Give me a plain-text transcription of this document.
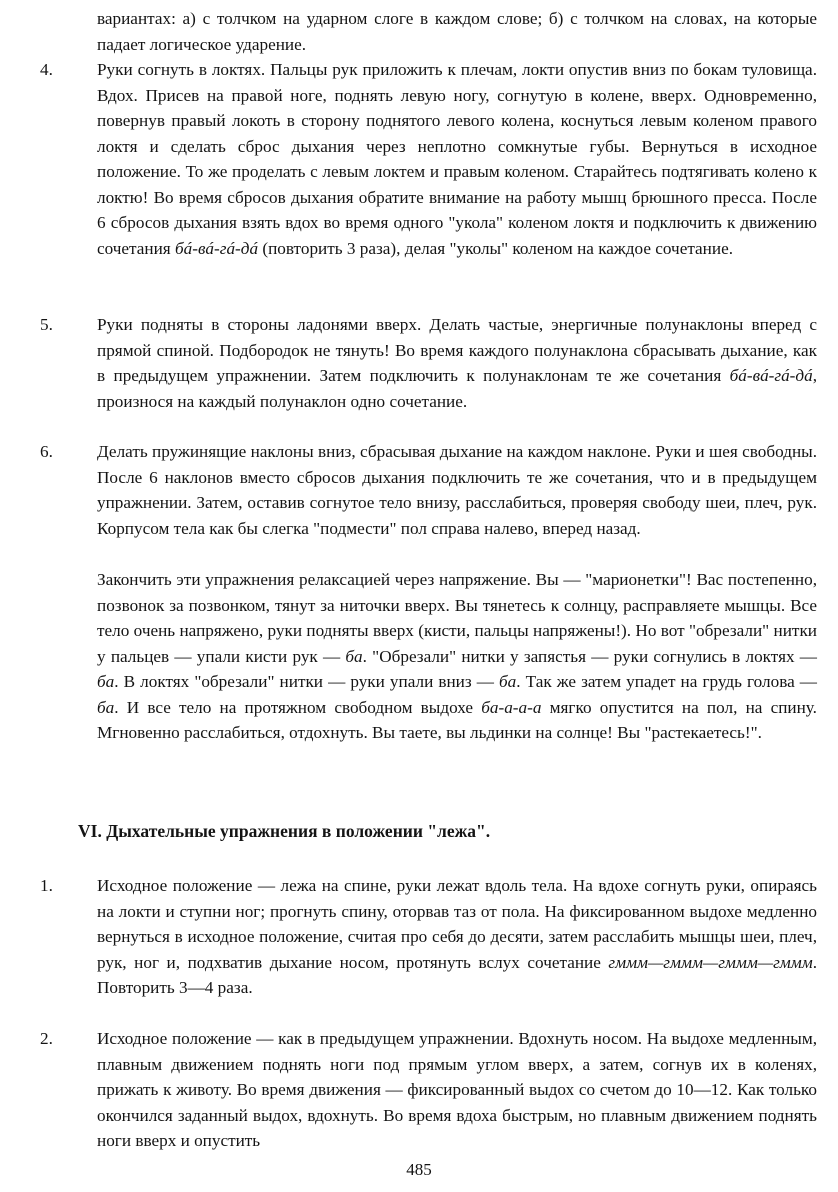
вариантах: а) с толчком на ударном слоге в каждом слове; б) с толчком на словах, на которые падает логическое ударение.
4.	Руки согнуть в локтях. Пальцы рук приложить к плечам, локти опустив вниз по бокам туловища. Вдох. Присев на правой ноге, поднять левую ногу, согнутую в колене, вверх. Одновременно, повернув правый локоть в сторону поднятого левого колена, коснуться левым коленом правого локтя и сделать сброс дыхания через неплотно сомкнутые губы. Вернуться в исходное положение. То же проделать с левым локтем и правым коленом. Старайтесь подтягивать колено к локтю! Во время сбросов дыхания обратите внимание на работу мышц брюшного пресса. После 6 сбросов дыхания взять вдох во время одного "укола" коленом локтя и подключить к движению сочетания бá-вá-гá-дá (повторить 3 раза), делая "уколы" коленом на каждое сочетание.
5.	Руки подняты в стороны ладонями вверх. Делать частые, энергичные полунаклоны вперед с прямой спиной. Подбородок не тянуть! Во время каждого полунаклона сбрасывать дыхание, как в предыдущем упражнении. Затем подключить к полунаклонам те же сочетания бá-вá-гá-дá, произнося на каждый полунаклон одно сочетание.
6.	Делать пружинящие наклоны вниз, сбрасывая дыхание на каждом наклоне. Руки и шея свободны. После 6 наклонов вместо сбросов дыхания подключить те же сочетания, что и в предыдущем упражнении. Затем, оставив согнутое тело внизу, расслабиться, проверяя свободу шеи, плеч, рук. Корпусом тела как бы слегка "подмести" пол справа налево, вперед назад.
Закончить эти упражнения релаксацией через напряжение. Вы — "марионетки"! Вас постепенно, позвонок за позвонком, тянут за ниточки вверх. Вы тянетесь к солнцу, расправляете мышцы. Все тело очень напряжено, руки подняты вверх (кисти, пальцы напряжены!). Но вот "обрезали" нитки у пальцев — упали кисти рук — ба. "Обрезали" нитки у запястья — руки согнулись в локтях — ба. В локтях "обрезали" нитки — руки упали вниз — ба. Так же затем упадет на грудь голова — ба. И все тело на протяжном свободном выдохе ба-а-а-а мягко опустится на пол, на спину. Мгновенно расслабиться, отдохнуть. Вы таете, вы льдинки на солнце! Вы "растекаетесь!".
VI. Дыхательные упражнения в положении "лежа".
1.	Исходное положение — лежа на спине, руки лежат вдоль тела. На вдохе согнуть руки, опираясь на локти и ступни ног; прогнуть спину, оторвав таз от пола. На фиксированном выдохе медленно вернуться в исходное положение, считая про себя до десяти, затем расслабить мышцы шеи, плеч, рук, ног и, подхватив дыхание носом, протянуть вслух сочетание гммм—гммм—гммм—гммм. Повторить 3—4 раза.
2.	Исходное положение — как в предыдущем упражнении. Вдохнуть носом. На выдохе медленным, плавным движением поднять ноги под прямым углом вверх, а затем, согнув их в коленях, прижать к животу. Во время движения — фиксированный выдох со счетом до 10—12. Как только окончился заданный выдох, вдохнуть. Во время вдоха быстрым, но плавным движением поднять ноги вверх и опустить
485
